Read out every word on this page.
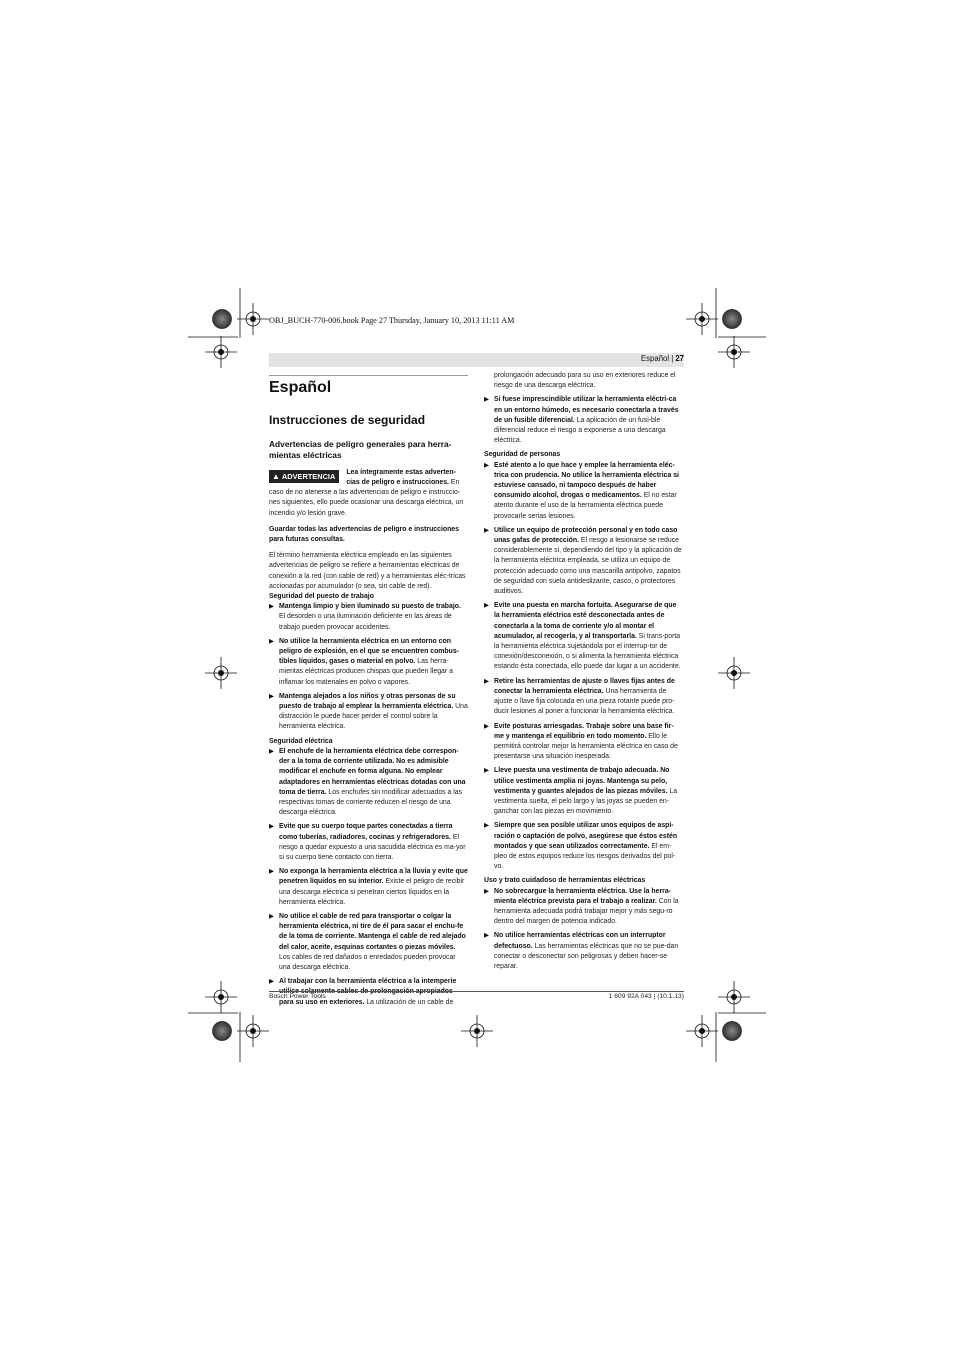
OBJ_BUCH-770-006.book Page 27 Thursday, January 10, 2013 11:11 AM
Español | 27
Español
Instrucciones de seguridad
Advertencias de peligro generales para herra-mientas eléctricas
▲ ADVERTENCIA	Lea íntegramente estas adverten-cias de peligro e instrucciones. En caso de no atenerse a las advertencias de peligro e instruccio-nes siguientes, ello puede ocasionar una descarga eléctrica, un incendio y/o lesión grave.

Guardar todas las advertencias de peligro e instrucciones para futuras consultas.

El término herramienta eléctrica empleado en las siguientes advertencias de peligro se refiere a herramientas eléctricas de conexión a la red (con cable de red) y a herramientas eléc-tricas accionadas por acumulador (o sea, sin cable de red).

Seguridad del puesto de trabajo

▶ Mantenga limpio y bien iluminado su puesto de trabajo. El desorden o una iluminación deficiente en las áreas de trabajo pueden provocar accidentes.
▶ No utilice la herramienta eléctrica en un entorno con peligro de explosión, en el que se encuentren combus-tibles líquidos, gases o material en polvo. Las herra-mientas eléctricas producen chispas que pueden llegar a inflamar los materiales en polvo o vapores.
▶ Mantenga alejados a los niños y otras personas de su puesto de trabajo al emplear la herramienta eléctrica. Una distracción le puede hacer perder el control sobre la herramienta eléctrica.

Seguridad eléctrica

▶ El enchufe de la herramienta eléctrica debe correspon-der a la toma de corriente utilizada. No es admisible modificar el enchufe en forma alguna. No emplear adaptadores en herramientas eléctricas dotadas con una toma de tierra. Los enchufes sin modificar adecuados a las respectivas tomas de corriente reducen el riesgo de una descarga eléctrica.
▶ Evite que su cuerpo toque partes conectadas a tierra como tuberías, radiadores, cocinas y refrigeradores. El riesgo a quedar expuesto a una sacudida eléctrica es ma-yor si su cuerpo tiene contacto con tierra.
▶ No exponga la herramienta eléctrica a la lluvia y evite que penetren líquidos en su interior. Existe el peligro de recibir una descarga eléctrica si penetran ciertos líquidos en la herramienta eléctrica.
▶ No utilice el cable de red para transportar o colgar la herramienta eléctrica, ni tire de él para sacar el enchu-fe de la toma de corriente. Mantenga el cable de red alejado del calor, aceite, esquinas cortantes o piezas móviles. Los cables de red dañados o enredados pueden provocar una descarga eléctrica.
▶ Al trabajar con la herramienta eléctrica a la intemperie para su uso en exteriores. La utilización de un cable de
prolongación adecuado para su uso en exteriores reduce el riesgo de una descarga eléctrica.
▶ Si fuese imprescindible utilizar la herramienta eléctri-ca en un entorno húmedo, es necesario conectarla a través de un fusible diferencial. La aplicación de un fusi-ble diferencial reduce el riesgo a exponerse a una descarga eléctrica.

Seguridad de personas

▶ Esté atento a lo que hace y emplee la herramienta eléc-trica con prudencia. No utilice la herramienta eléctrica si estuviese cansado, ni tampoco después de haber consumido alcohol, drogas o medicamentos. El no estar atento durante el uso de la herramienta eléctrica puede provocarle serias lesiones.
▶ Utilice un equipo de protección personal y en todo caso unas gafas de protección. El riesgo a lesionarse se reduce considerablemente si, dependiendo del tipo y la aplicación de la herramienta eléctrica empleada, se utiliza un equipo de protección adecuado como una mascarilla antipolvo, zapatos de seguridad con suela antideslizante, casco, o protectores auditivos.
▶ Evite una puesta en marcha fortuita. Asegurarse de que la herramienta eléctrica esté desconectada antes de conectarla a la toma de corriente y/o al montar el acumulador, al recogerla, y al transportarla. Si trans-porta la herramienta eléctrica sujetándola por el interrup-tor de conexión/desconexión, o si alimenta la herramienta eléctrica estando ésta conectada, ello puede dar lugar a un accidente.
▶ Retire las herramientas de ajuste o llaves fijas antes de conectar la herramienta eléctrica. Una herramienta de ajuste o llave fija colocada en una pieza rotante puede pro-ducir lesiones al poner a funcionar la herramienta eléctrica.
▶ Evite posturas arriesgadas. Trabaje sobre una base fir-me y mantenga el equilibrio en todo momento. Ello le permitirá controlar mejor la herramienta eléctrica en caso de presentarse una situación inesperada.
▶ Lleve puesta una vestimenta de trabajo adecuada. No utilice vestimenta amplia ni joyas. Mantenga su pelo, vestimenta y guantes alejados de las piezas móviles. La vestimenta suelta, el pelo largo y las joyas se pueden en-ganchar con las piezas en movimiento.
▶ Siempre que sea posible utilizar unos equipos de aspi-ración o captación de polvo, asegúrese que éstos estén montados y que sean utilizados correctamente. El em-pleo de estos equipos reduce los riesgos derivados del pol-vo.

Uso y trato cuidadoso de herramientas eléctricas

▶ No sobrecargue la herramienta eléctrica. Use la herra-mienta eléctrica prevista para el trabajo a realizar. Con la herramienta adecuada podrá trabajar mejor y más segu-ro dentro del margen de potencia indicado.
▶ No utilice herramientas eléctricas con un interruptor defectuoso. Las herramientas eléctricas que no se pue-dan conectar o desconectar son peligrosas y deben hacer-se reparar.
Bosch Power Tools	1 609 92A 043 | (10.1.13)
